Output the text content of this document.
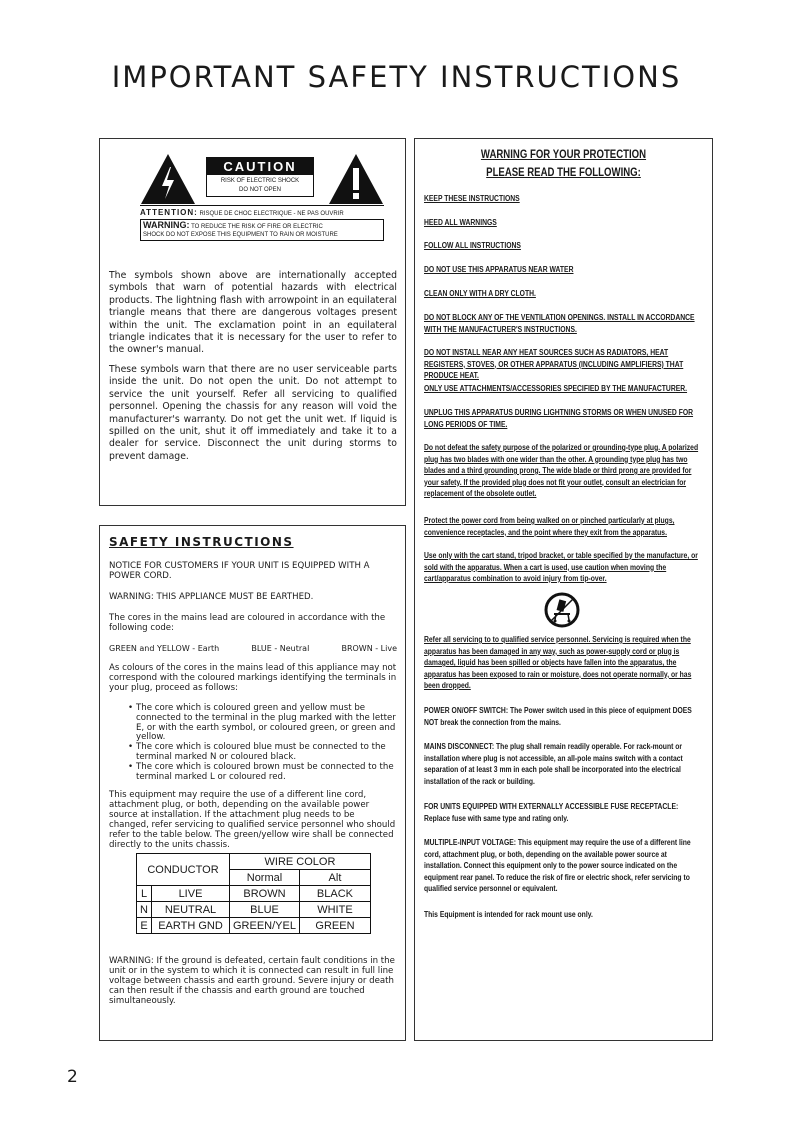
IMPORTANT SAFETY INSTRUCTIONS
CAUTION
RISK OF ELECTRIC SHOCK
DO NOT OPEN
ATTENTION: RISQUE DE CHOC ELECTRIQUE - NE PAS OUVRIR
WARNING: TO REDUCE THE RISK OF FIRE OR ELECTRIC
SHOCK DO NOT EXPOSE THIS EQUIPMENT TO RAIN OR MOISTURE

The symbols shown above are internationally accepted symbols that warn of potential hazards with electrical products. The lightning flash with arrowpoint in an equilateral triangle means that there are dangerous voltages present within the unit. The exclamation point in an equilateral triangle indicates that it is necessary for the user to refer to the owner's manual.

These symbols warn that there are no user serviceable parts inside the unit. Do not open the unit. Do not attempt to service the unit yourself. Refer all servicing to qualified personnel. Opening the chassis for any reason will void the manufacturer's warranty. Do not get the unit wet. If liquid is spilled on the unit, shut it off immediately and take it to a dealer for service. Disconnect the unit during storms to prevent damage.

SAFETY INSTRUCTIONS

NOTICE FOR CUSTOMERS IF YOUR UNIT IS EQUIPPED WITH A POWER CORD.

WARNING: THIS APPLIANCE MUST BE EARTHED.

The cores in the mains lead are coloured in accordance with the following code:

GREEN and YELLOW - Earth	BLUE - Neutral	BROWN - Live

As colours of the cores in the mains lead of this appliance may not correspond with the coloured markings identifying the terminals in your plug, proceed as follows:

• The core which is coloured green and yellow must be connected to the terminal in the plug marked with the letter E, or with the earth symbol, or coloured green, or green and yellow.
• The core which is coloured blue must be connected to the terminal marked N or coloured black.
• The core which is coloured brown must be connected to the terminal marked L or coloured red.

This equipment may require the use of a different line cord, attachment plug, or both, depending on the available power source at installation. If the attachment plug needs to be changed, refer servicing to qualified service personnel who should refer to the table below. The green/yellow wire shall be connected directly to the units chassis.

CONDUCTOR		WIRE COLOR	
		Normal	Alt
L	LIVE	BROWN	BLACK
N	NEUTRAL	BLUE	WHITE
E	EARTH GND	GREEN/YEL	GREEN

WARNING: If the ground is defeated, certain fault conditions in the unit or in the system to which it is connected can result in full line voltage between chassis and earth ground. Severe injury or death can then result if the chassis and earth ground are touched simultaneously.

WARNING FOR YOUR PROTECTION
PLEASE READ THE FOLLOWING:

KEEP THESE INSTRUCTIONS

HEED ALL WARNINGS

FOLLOW ALL INSTRUCTIONS

DO NOT USE THIS APPARATUS NEAR WATER

CLEAN ONLY WITH A DRY CLOTH.

DO NOT BLOCK ANY OF THE VENTILATION OPENINGS. INSTALL IN ACCORDANCE WITH THE MANUFACTURER'S INSTRUCTIONS.

DO NOT INSTALL NEAR ANY HEAT SOURCES SUCH AS RADIATORS, HEAT REGISTERS, STOVES, OR OTHER APPARATUS (INCLUDING AMPLIFIERS) THAT PRODUCE HEAT.

ONLY USE ATTACHMENTS/ACCESSORIES SPECIFIED BY THE MANUFACTURER.

UNPLUG THIS APPARATUS DURING LIGHTNING STORMS OR WHEN UNUSED FOR LONG PERIODS OF TIME.

Do not defeat the safety purpose of the polarized or grounding-type plug. A polarized plug has two blades with one wider than the other. A grounding type plug has two blades and a third grounding prong. The wide blade or third prong are provided for your safety. If the provided plug does not fit your outlet, consult an electrician for replacement of the obsolete outlet.

Protect the power cord from being walked on or pinched particularly at plugs, convenience receptacles, and the point where they exit from the apparatus.

Use only with the cart stand, tripod bracket, or table specified by the manufacture, or sold with the apparatus. When a cart is used, use caution when moving the cart/apparatus combination to avoid injury from tip-over.

Refer all servicing to to qualified service personnel. Servicing is required when the apparatus has been damaged in any way, such as power-supply cord or plug is damaged, liquid has been spilled or objects have fallen into the apparatus, the apparatus has been exposed to rain or moisture, does not operate normally, or has been dropped.

POWER ON/OFF SWITCH: The Power switch used in this piece of equipment DOES NOT break the connection from the mains.

MAINS DISCONNECT: The plug shall remain readily operable. For rack-mount or installation where plug is not accessible, an all-pole mains switch with a contact separation of at least 3 mm in each pole shall be incorporated into the electrical installation of the rack or building.

FOR UNITS EQUIPPED WITH EXTERNALLY ACCESSIBLE FUSE RECEPTACLE: Replace fuse with same type and rating only.

MULTIPLE-INPUT VOLTAGE: This equipment may require the use of a different line cord, attachment plug, or both, depending on the available power source at installation. Connect this equipment only to the power source indicated on the equipment rear panel. To reduce the risk of fire or electric shock, refer servicing to qualified service personnel or equivalent.

This Equipment is intended for rack mount use only.

2
